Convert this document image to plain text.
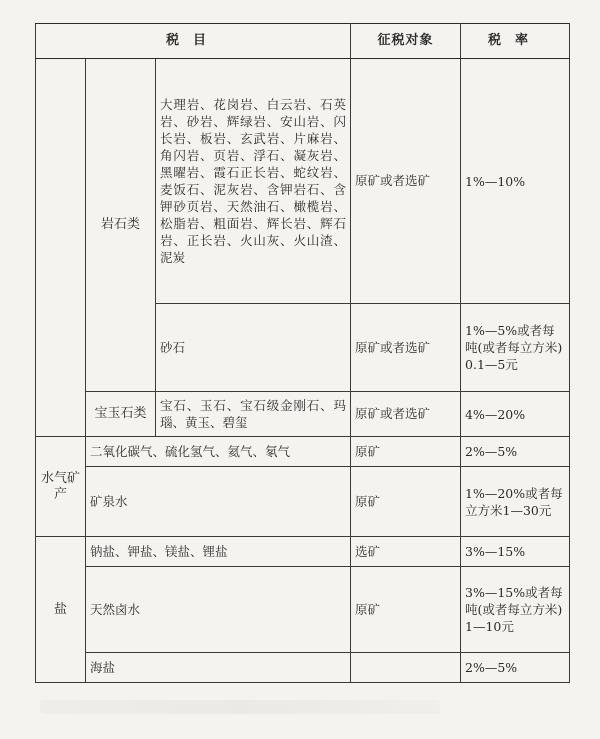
税目			征税对象	税率
	岩石类	大理岩、花岗岩、白云岩、石英岩、砂岩、辉绿岩、安山岩、闪长岩、板岩、玄武岩、片麻岩、角闪岩、页岩、浮石、凝灰岩、黑曜岩、霞石正长岩、蛇纹岩、麦饭石、泥灰岩、含钾岩石、含钾砂页岩、天然油石、橄榄岩、松脂岩、粗面岩、辉长岩、辉石岩、正长岩、火山灰、火山渣、泥炭	原矿或者选矿	1%—10%
		砂石	原矿或者选矿	1%—5%或者每吨(或者每立方米)0.1—5元
	宝玉石类	宝石、玉石、宝石级金刚石、玛瑙、黄玉、碧玺	原矿或者选矿	4%—20%
水气矿产	二氧化碳气、硫化氢气、氦气、氡气		原矿	2%—5%
	矿泉水		原矿	1%—20%或者每立方米1—30元
盐	钠盐、钾盐、镁盐、锂盐		选矿	3%—15%
	天然卤水		原矿	3%—15%或者每吨(或者每立方米)1—10元
	海盐			2%—5%
